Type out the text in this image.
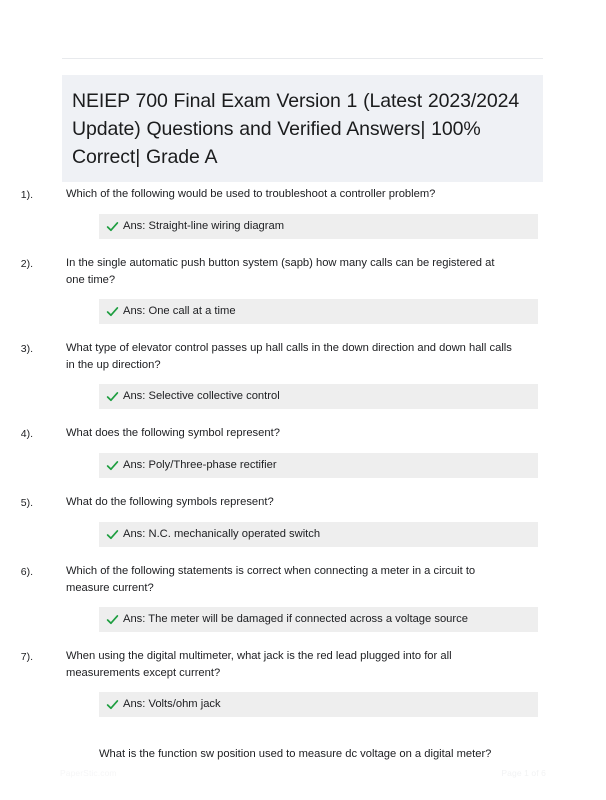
NEIEP 700 Final Exam Version 1 (Latest 2023/2024 Update) Questions and Verified Answers| 100% Correct| Grade A
1).	Which of the following would be used to troubleshoot a controller problem?
Ans: Straight-line wiring diagram
2).	In the single automatic push button system (sapb) how many calls can be registered at one time?
Ans: One call at a time
3).	What type of elevator control passes up hall calls in the down direction and down hall calls in the up direction?
Ans: Selective collective control
4).	What does the following symbol represent?
Ans: Poly/Three-phase rectifier
5).	What do the following symbols represent?
Ans: N.C. mechanically operated switch
6).	Which of the following statements is correct when connecting a meter in a circuit to measure current?
Ans: The meter will be damaged if connected across a voltage source
7).	When using the digital multimeter, what jack is the red lead plugged into for all measurements except current?
Ans: Volts/ohm jack
What is the function sw position used to measure dc voltage on a digital meter?
PaperStic.com	Page 1 of 6
